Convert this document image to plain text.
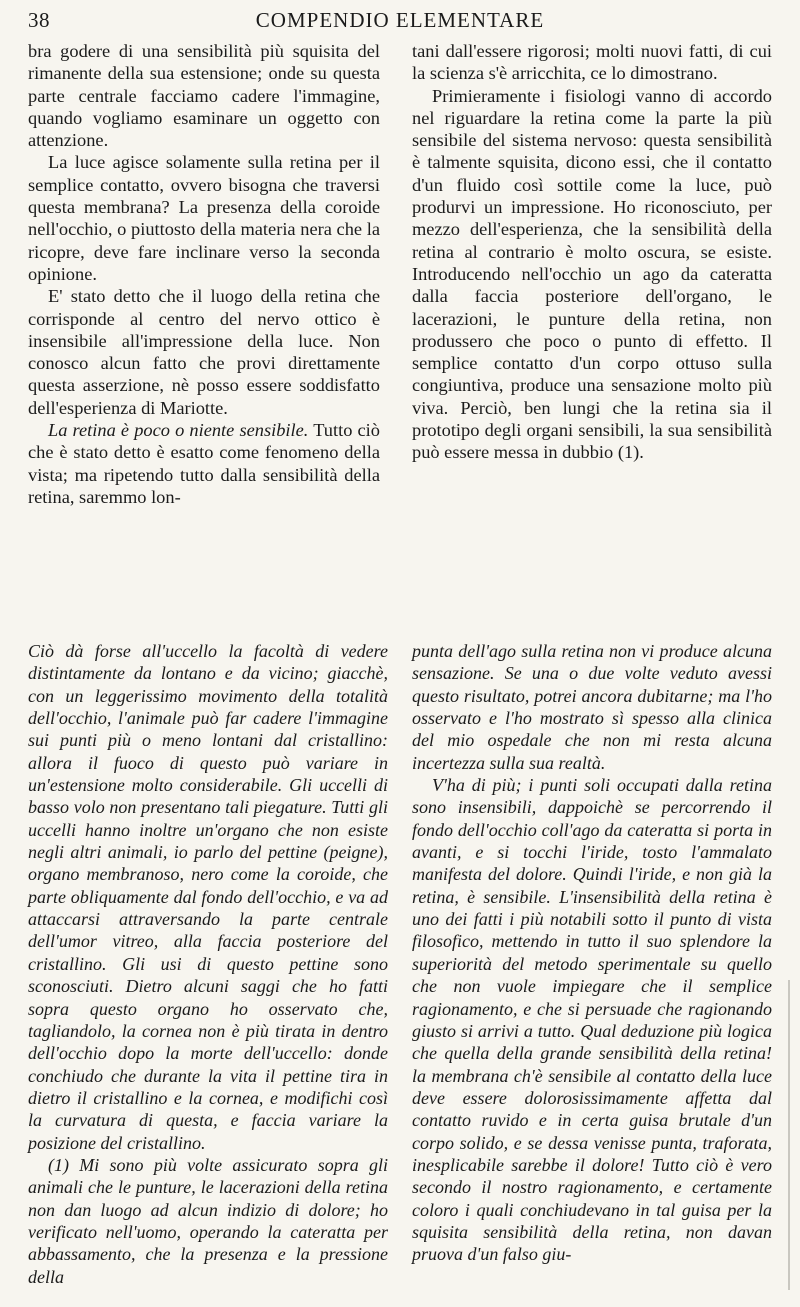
38	COMPENDIO ELEMENTARE

bra godere di una sensibilità più squisita del rimanente della sua estensione; onde su questa parte centrale facciamo cadere l'immagine, quando vogliamo esaminare un oggetto con attenzione.

La luce agisce solamente sulla retina per il semplice contatto, ovvero bisogna che traversi questa membrana? La presenza della coroide nell'occhio, o piuttosto della materia nera che la ricopre, deve fare inclinare verso la seconda opinione.

E' stato detto che il luogo della retina che corrisponde al centro del nervo ottico è insensibile all'impressione della luce. Non conosco alcun fatto che provi direttamente questa asserzione, nè posso essere soddisfatto dell'esperienza di Mariotte.

La retina è poco o niente sensibile. Tutto ciò che è stato detto è esatto come fenomeno della vista; ma ripetendo tutto dalla sensibilità della retina, saremmo lon-

tani dall'essere rigorosi; molti nuovi fatti, di cui la scienza s'è arricchita, ce lo dimostrano.

Primieramente i fisiologi vanno di accordo nel riguardare la retina come la parte la più sensibile del sistema nervoso: questa sensibilità è talmente squisita, dicono essi, che il contatto d'un fluido così sottile come la luce, può produrvi un impressione. Ho riconosciuto, per mezzo dell'esperienza, che la sensibilità della retina al contrario è molto oscura, se esiste. Introducendo nell'occhio un ago da cateratta dalla faccia posteriore dell'organo, le lacerazioni, le punture della retina, non produssero che poco o punto di effetto. Il semplice contatto d'un corpo ottuso sulla congiuntiva, produce una sensazione molto più viva. Perciò, ben lungi che la retina sia il prototipo degli organi sensibili, la sua sensibilità può essere messa in dubbio (1).

Ciò dà forse all'uccello la facoltà di vedere distintamente da lontano e da vicino; giacchè, con un leggerissimo movimento della totalità dell'occhio, l'animale può far cadere l'immagine sui punti più o meno lontani dal cristallino: allora il fuoco di questo può variare in un'estensione molto considerabile. Gli uccelli di basso volo non presentano tali piegature. Tutti gli uccelli hanno inoltre un'organo che non esiste negli altri animali, io parlo del pettine (peigne), organo membranoso, nero come la coroide, che parte obliquamente dal fondo dell'occhio, e va ad attaccarsi attraversando la parte centrale dell'umor vitreo, alla faccia posteriore del cristallino. Gli usi di questo pettine sono sconosciuti. Dietro alcuni saggi che ho fatti sopra questo organo ho osservato che, tagliandolo, la cornea non è più tirata in dentro dell'occhio dopo la morte dell'uccello: donde conchiudo che durante la vita il pettine tira in dietro il cristallino e la cornea, e modifichi così la curvatura di questa, e faccia variare la posizione del cristallino.

(1) Mi sono più volte assicurato sopra gli animali che le punture, le lacerazioni della retina non dan luogo ad alcun indizio di dolore; ho verificato nell'uomo, operando la cateratta per abbassamento, che la presenza e la pressione della

punta dell'ago sulla retina non vi produce alcuna sensazione. Se una o due volte veduto avessi questo risultato, potrei ancora dubitarne; ma l'ho osservato e l'ho mostrato sì spesso alla clinica del mio ospedale che non mi resta alcuna incertezza sulla sua realtà.

V'ha di più; i punti soli occupati dalla retina sono insensibili, dappoichè se percorrendo il fondo dell'occhio coll'ago da cateratta si porta in avanti, e si tocchi l'iride, tosto l'ammalato manifesta del dolore. Quindi l'iride, e non già la retina, è sensibile. L'insensibilità della retina è uno dei fatti i più notabili sotto il punto di vista filosofico, mettendo in tutto il suo splendore la superiorità del metodo sperimentale su quello che non vuole impiegare che il semplice ragionamento, e che si persuade che ragionando giusto si arrivi a tutto. Qual deduzione più logica che quella della grande sensibilità della retina! la membrana ch'è sensibile al contatto della luce deve essere dolorosissimamente affetta dal contatto ruvido e in certa guisa brutale d'un corpo solido, e se dessa venisse punta, traforata, inesplicabile sarebbe il dolore! Tutto ciò è vero secondo il nostro ragionamento, e certamente coloro i quali conchiudevano in tal guisa per la squisita sensibilità della retina, non davan pruova d'un falso giu-
